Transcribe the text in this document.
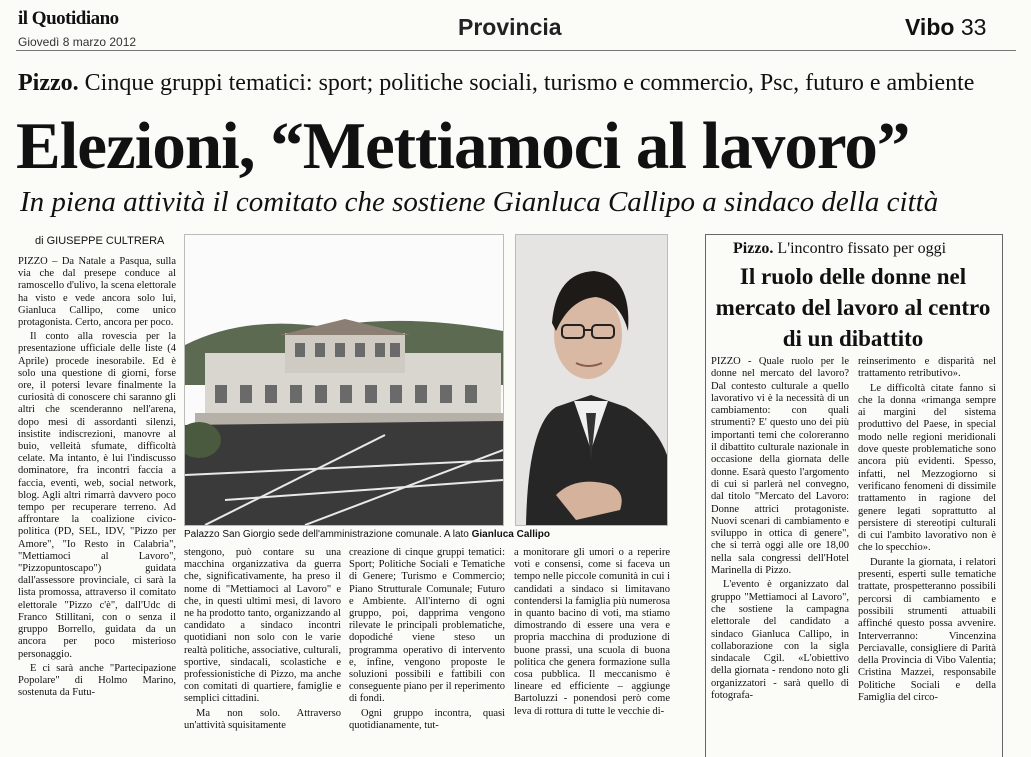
il Quotidiano
Giovedì 8 marzo 2012
Provincia	Vibo 33
Pizzo. Cinque gruppi tematici: sport; politiche sociali, turismo e commercio, Psc, futuro e ambiente
Elezioni, “Mettiamoci al lavoro”
In piena attività il comitato che sostiene Gianluca Callipo a sindaco della città
di GIUSEPPE CULTRERA

PIZZO – Da Natale a Pasqua, sulla via che dal presepe conduce al ramoscello d'ulivo, la scena elettorale ha visto e vede ancora solo lui, Gianluca Callipo, come unico protagonista. Certo, ancora per poco.

Il conto alla rovescia per la presentazione ufficiale delle liste (4 Aprile) procede inesorabile. Ed è solo una questione di giorni, forse ore, il potersi levare finalmente la curiosità di conoscere chi saranno gli altri che scenderanno nell'arena, dopo mesi di assordanti silenzi, insistite indiscrezioni, manovre al buio, velleità sfumate, difficoltà celate. Ma intanto, è lui l'indiscusso dominatore, fra incontri faccia a faccia, eventi, web, social network, blog. Agli altri rimarrà davvero poco tempo per recuperare terreno. Ad affrontare la coalizione civico-politica (PD, SEL, IDV, "Pizzo per Amore", "Io Resto in Calabria", "Mettiamoci al Lavoro", "Pizzopuntoscapo") guidata dall'assessore provinciale, ci sarà la lista promossa, attraverso il comitato elettorale "Pizzo c'è", dall'Udc di Franco Stillitani, con o senza il gruppo Borrello, guidata da un ancora per poco misterioso personaggio.

E ci sarà anche "Partecipazione Popolare" di Holmo Marino, sostenuta da Futu-

Palazzo San Giorgio sede dell'amministrazione comunale. A lato Gianluca Callipo

stengono, può contare su una macchina organizzativa da guerra che, significativamente, ha preso il nome di "Mettiamoci al Lavoro" e che, in questi ultimi mesi, di lavoro ne ha prodotto tanto, organizzando al candidato a sindaco incontri quotidiani non solo con le varie realtà politiche, associative, culturali, sportive, sindacali, scolastiche e professionistiche di Pizzo, ma anche con comitati di quartiere, famiglie e semplici cittadini.

Ma non solo. Attraverso un'attività squisitamente

creazione di cinque gruppi tematici: Sport; Politiche Sociali e Tematiche di Genere; Turismo e Commercio; Piano Strutturale Comunale; Futuro e Ambiente. All'interno di ogni gruppo, poi, dapprima vengono rilevate le principali problematiche, dopodiché viene steso un programma operativo di intervento e, infine, vengono proposte le soluzioni possibili e fattibili con conseguente piano per il reperimento di fondi.

Ogni gruppo incontra, quasi quotidianamente, tut-

a monitorare gli umori o a reperire voti e consensi, come si faceva un tempo nelle piccole comunità in cui i candidati a sindaco si limitavano contendersi la famiglia più numerosa in quanto bacino di voti, ma stiamo dimostrando di essere una vera e propria macchina di produzione di buone prassi, una scuola di buona politica che genera formazione sulla cosa pubblica. Il meccanismo è lineare ed efficiente – aggiunge Bartoluzzi - ponendosi però come leva di rottura di tutte le vecchie di-

Pizzo. L'incontro fissato per oggi
Il ruolo delle donne nel mercato del lavoro al centro di un dibattito

PIZZO - Quale ruolo per le donne nel mercato del lavoro? Dal contesto culturale a quello lavorativo vi è la necessità di un cambiamento: con quali strumenti? E' questo uno dei più importanti temi che coloreranno il dibattito culturale nazionale in occasione della giornata delle donne. Esarà questo l'argomento di cui si parlerà nel convegno, dal titolo "Mercato del Lavoro: Donne attrici protagoniste. Nuovi scenari di cambiamento e sviluppo in ottica di genere", che si terrà oggi alle ore 18,00 nella sala congressi dell'Hotel Marinella di Pizzo.

L'evento è organizzato dal gruppo "Mettiamoci al Lavoro", che sostiene la campagna elettorale del candidato a sindaco Gianluca Callipo, in collaborazione con la sigla sindacale Cgil. «L'obiettivo della giornata - rendono noto gli organizzatori - sarà quello di fotografa-

reinserimento e disparità nel trattamento retributivo».

Le difficoltà citate fanno sì che la donna «rimanga sempre ai margini del sistema produttivo del Paese, in special modo nelle regioni meridionali dove queste problematiche sono ancora più evidenti. Spesso, infatti, nel Mezzogiorno si verificano fenomeni di dissimile trattamento in ragione del genere legati soprattutto al persistere di stereotipi culturali di cui l'ambito lavorativo non è che lo specchio».

Durante la giornata, i relatori presenti, esperti sulle tematiche trattate, prospetteranno possibili percorsi di cambiamento e possibili strumenti attuabili affinché questo possa avvenire. Interverranno: Vincenzina Perciavalle, consigliere di Parità della Provincia di Vibo Valentia; Cristina Mazzei, responsabile Politiche Sociali e della Famiglia del circo-
